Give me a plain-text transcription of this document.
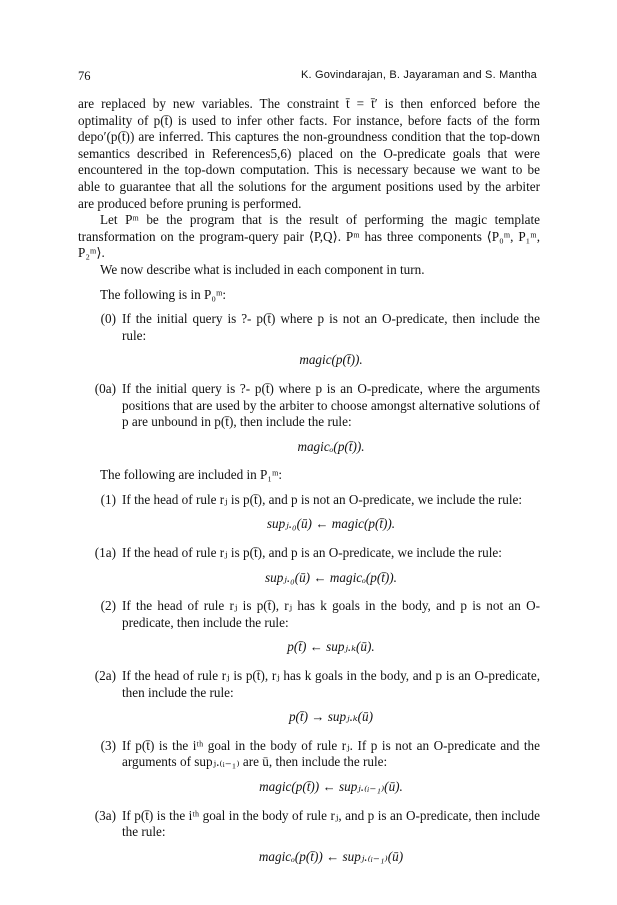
76	K. Govindarajan, B. Jayaraman and S. Mantha

are replaced by new variables. The constraint t̄ = t̄′ is then enforced before the optimality of p(t̄) is used to infer other facts. For instance, before facts of the form depo′(p(t̄)) are inferred. This captures the non-groundness condition that the top-down semantics described in References5,6) placed on the O-predicate goals that were encountered in the top-down computation. This is necessary because we want to be able to guarantee that all the solutions for the argument positions used by the arbiter are produced before pruning is performed.

Let Pᵐ be the program that is the result of performing the magic template transformation on the program-query pair ⟨P,Q⟩. Pᵐ has three components ⟨P₀ᵐ, P₁ᵐ, P₂ᵐ⟩.

We now describe what is included in each component in turn.

The following is in P₀ᵐ:

(0) If the initial query is ?- p(t̄) where p is not an O-predicate, then include the rule:

magic(p(t̄)).
(0a) If the initial query is ?- p(t̄) where p is an O-predicate, where the arguments positions that are used by the arbiter to choose amongst alternative solutions of p are unbound in p(t̄), then include the rule:

magicₒ(p(t̄)).

The following are included in P₁ᵐ:

(1) If the head of rule rⱼ is p(t̄), and p is not an O-predicate, we include the rule:

supⱼ.₀(ū) ← magic(p(t̄)).
(1a) If the head of rule rⱼ is p(t̄), and p is an O-predicate, we include the rule:

supⱼ.₀(ū) ← magicₒ(p(t̄)).
(2) If the head of rule rⱼ is p(t̄), rⱼ has k goals in the body, and p is not an O-predicate, then include the rule:

p(t̄) ← supⱼ.ₖ(ū).
(2a) If the head of rule rⱼ is p(t̄), rⱼ has k goals in the body, and p is an O-predicate, then include the rule:

p(t̄) → supⱼ.ₖ(ū)
(3) If p(t̄) is the iᵗʰ goal in the body of rule rⱼ. If p is not an O-predicate and the arguments of supⱼ.₍ᵢ₋₁₎ are ū, then include the rule:

magic(p(t̄)) ← supⱼ.₍ᵢ₋₁₎(ū).
(3a) If p(t̄) is the iᵗʰ goal in the body of rule rⱼ, and p is an O-predicate, then include the rule:

magicₒ(p(t̄)) ← supⱼ.₍ᵢ₋₁₎(ū)
